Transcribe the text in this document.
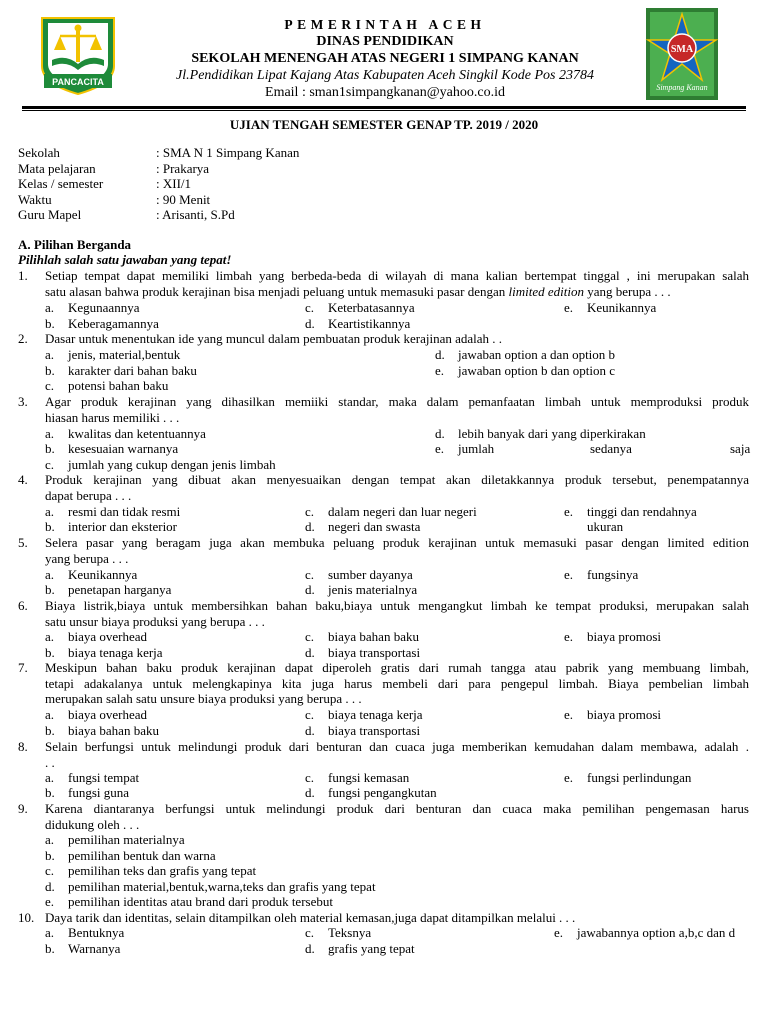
PANCACITA
PEMERINTAH ACEH
DINAS PENDIDIKAN
SEKOLAH MENENGAH ATAS NEGERI 1 SIMPANG KANAN
Jl.Pendidikan Lipat Kajang Atas Kabupaten Aceh Singkil Kode Pos 23784
Email : sman1simpangkanan@yahoo.co.id
SMA
Simpang Kanan
UJIAN TENGAH SEMESTER GENAP TP. 2019 / 2020
Sekolah	: SMA N 1 Simpang Kanan
Mata pelajaran	: Prakarya
Kelas / semester	: XII/1
Waktu	: 90 Menit
Guru Mapel	: Arisanti, S.Pd
A. Pilihan Berganda
Pilihlah salah satu jawaban yang tepat!
1.	Setiap tempat dapat memiliki limbah yang berbeda-beda di wilayah di mana kalian bertempat tinggal , ini merupakan salah
satu alasan bahwa produk kerajinan bisa menjadi peluang untuk memasuki pasar dengan limited edition yang berupa . . .
a. Kegunaannya	c. Keterbatasannya	e. Keunikannya
b. Keberagamannya	d. Keartistikannya
2.	Dasar untuk menentukan ide yang muncul dalam pembuatan produk kerajinan adalah . .
a. jenis, material,bentuk	d. jawaban option a dan option b
b. karakter dari bahan baku	e. jawaban option b dan option c
c. potensi bahan baku
3.	Agar produk kerajinan yang dihasilkan memiiki standar, maka dalam pemanfaatan limbah untuk memproduksi produk
hiasan harus memiliki . . .
a. kwalitas dan ketentuannya	d. lebih banyak dari yang diperkirakan
b. kesesuaian warnanya	e. jumlah	sedanya	saja
c. jumlah yang cukup dengan jenis limbah
4.	Produk kerajinan yang dibuat akan menyesuaikan dengan tempat akan diletakkannya produk tersebut, penempatannya
dapat berupa . . .
a. resmi dan tidak resmi	c. dalam negeri dan luar negeri	e. tinggi dan rendahnya
b. interior dan eksterior	d. negeri dan swasta	ukuran
5.	Selera pasar yang beragam juga akan membuka peluang produk kerajinan untuk memasuki pasar dengan limited edition
yang berupa . . .
a. Keunikannya	c. sumber dayanya	e. fungsinya
b. penetapan harganya	d. jenis materialnya
6.	Biaya listrik,biaya untuk membersihkan bahan baku,biaya untuk mengangkut limbah ke tempat produksi, merupakan salah
satu unsur biaya produksi yang berupa . . .
a. biaya overhead	c. biaya bahan baku	e. biaya promosi
b. biaya tenaga kerja	d. biaya transportasi
7.	Meskipun bahan baku produk kerajinan dapat diperoleh gratis dari rumah tangga atau pabrik yang membuang limbah,
tetapi adakalanya untuk melengkapinya kita juga harus membeli dari para pengepul limbah. Biaya pembelian limbah
merupakan salah satu unsure biaya produksi yang berupa . . .
a. biaya overhead	c. biaya tenaga kerja	e. biaya promosi
b. biaya bahan baku	d. biaya transportasi
8.	Selain berfungsi untuk melindungi produk dari benturan dan cuaca juga memberikan kemudahan dalam membawa, adalah .
. .
a. fungsi tempat	c. fungsi kemasan	e. fungsi perlindungan
b. fungsi guna	d. fungsi pengangkutan
9.	Karena diantaranya berfungsi untuk melindungi produk dari benturan dan cuaca maka pemilihan pengemasan harus
didukung oleh . . .
a. pemilihan materialnya
b. pemilihan bentuk dan warna
c. pemilihan teks dan grafis yang tepat
d. pemilihan material,bentuk,warna,teks dan grafis yang tepat
e. pemilihan identitas atau brand dari produk tersebut
10. Daya tarik dan identitas, selain ditampilkan oleh material kemasan,juga dapat ditampilkan melalui . . .
a. Bentuknya	c. Teksnya	e. jawabannya option a,b,c dan d
b. Warnanya	d. grafis yang tepat
